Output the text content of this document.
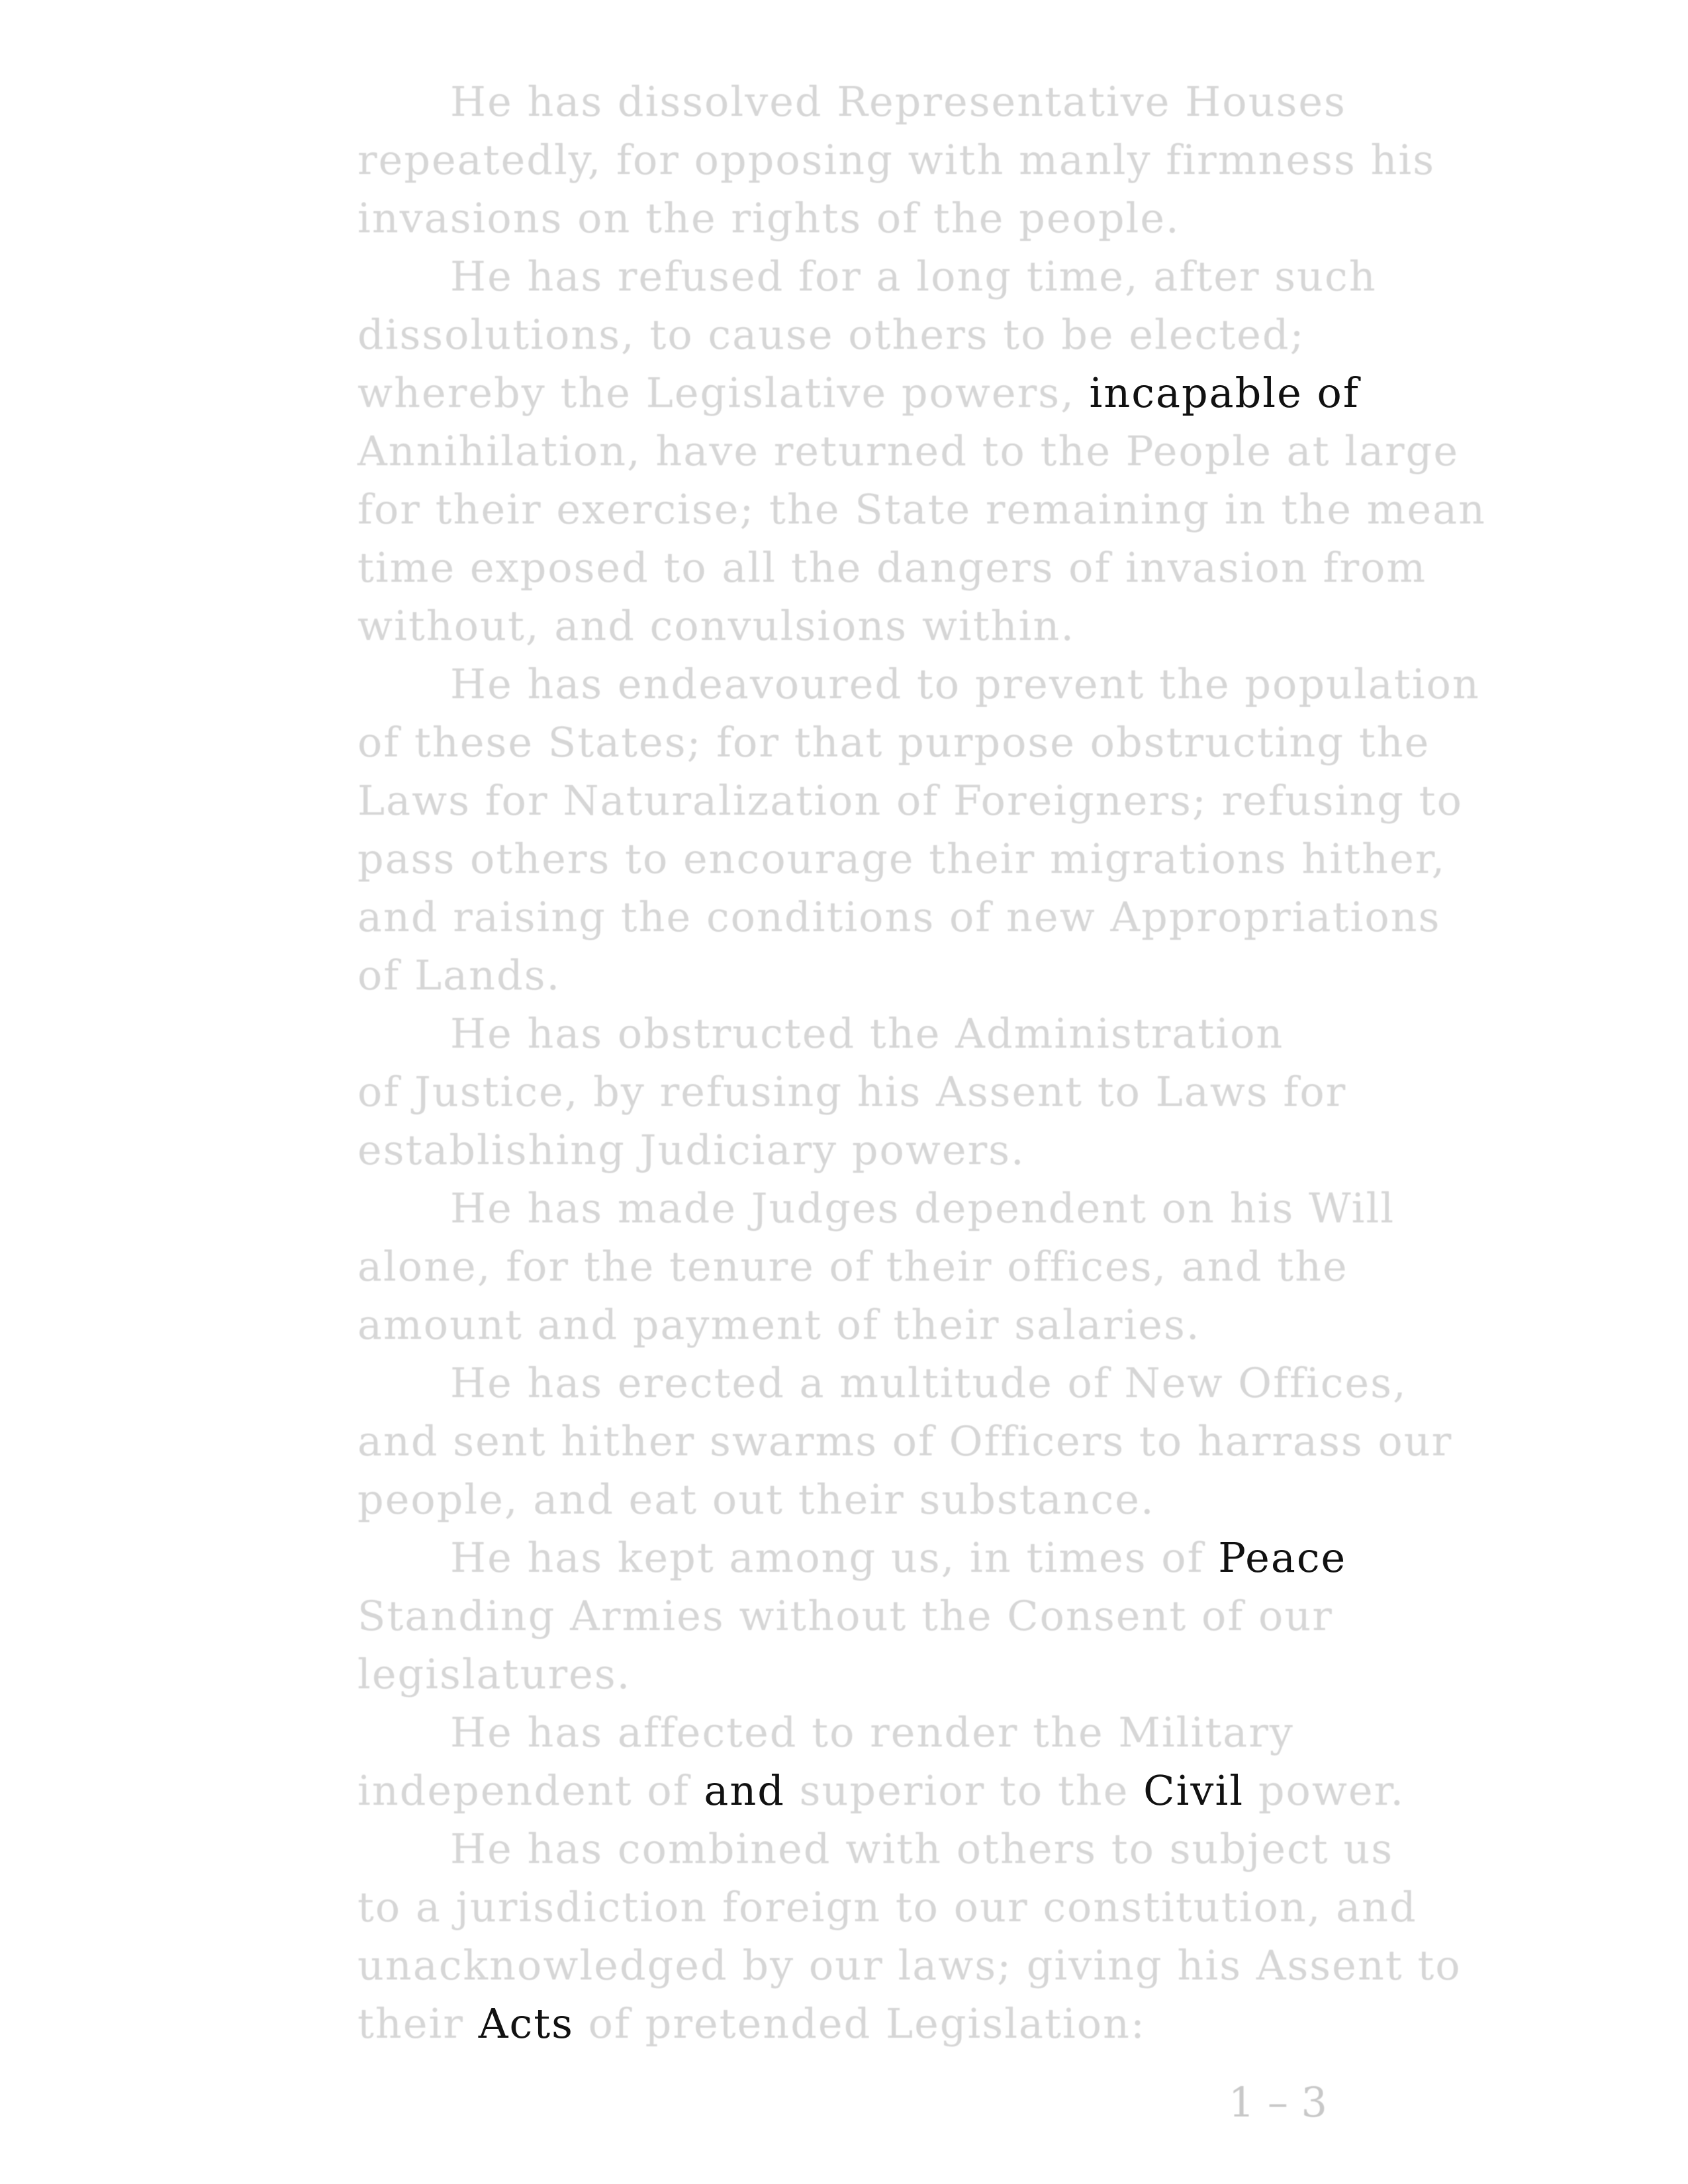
He has dissolved Representative Houses
repeatedly, for opposing with manly firmness his
invasions on the rights of the people.
He has refused for a long time, after such
dissolutions, to cause others to be elected;
whereby the Legislative powers, incapable of
Annihilation, have returned to the People at large
for their exercise; the State remaining in the mean
time exposed to all the dangers of invasion from
without, and convulsions within.
He has endeavoured to prevent the population
of these States; for that purpose obstructing the
Laws for Naturalization of Foreigners; refusing to
pass others to encourage their migrations hither,
and raising the conditions of new Appropriations
of Lands.
He has obstructed the Administration
of Justice, by refusing his Assent to Laws for
establishing Judiciary powers.
He has made Judges dependent on his Will
alone, for the tenure of their offices, and the
amount and payment of their salaries.
He has erected a multitude of New Offices,
and sent hither swarms of Officers to harrass our
people, and eat out their substance.
He has kept among us, in times of Peace
Standing Armies without the Consent of our
legislatures.
He has affected to render the Military
independent of and superior to the Civil power.
He has combined with others to subject us
to a jurisdiction foreign to our constitution, and
unacknowledged by our laws; giving his Assent to
their Acts of pretended Legislation:
1 – 3
